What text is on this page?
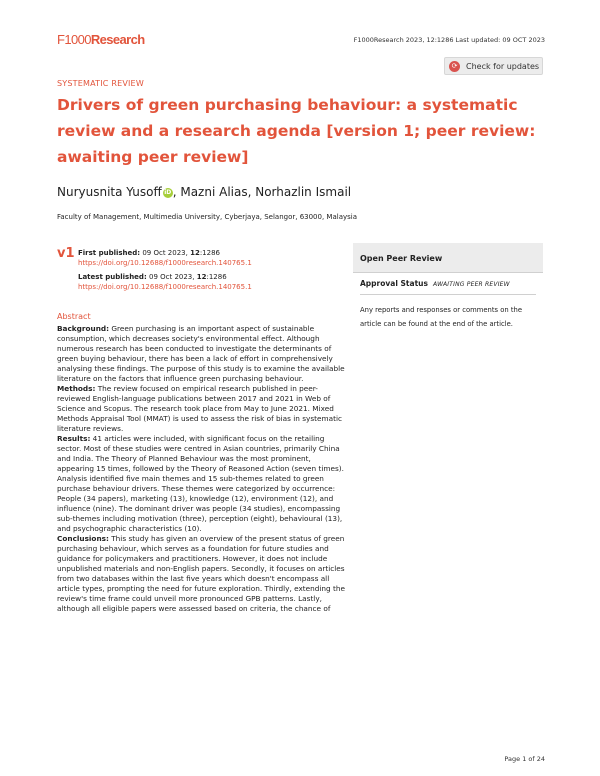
F1000Research	F1000Research 2023, 12:1286 Last updated: 09 OCT 2023
SYSTEMATIC REVIEW
⟳	Check for updates
Drivers of green purchasing behaviour: a systematic review and a research agenda [version 1; peer review: awaiting peer review]
Nuryusnita Yusoff iD, Mazni Alias, Norhazlin Ismail
Faculty of Management, Multimedia University, Cyberjaya, Selangor, 63000, Malaysia
v1 First published: 09 Oct 2023, 12:1286
https://doi.org/10.12688/f1000research.140765.1
Latest published: 09 Oct 2023, 12:1286
https://doi.org/10.12688/f1000research.140765.1
Open Peer Review
Approval Status AWAITING PEER REVIEW
Any reports and responses or comments on the article can be found at the end of the article.
Abstract

Background: Green purchasing is an important aspect of sustainable consumption, which decreases society's environmental effect. Although numerous research has been conducted to investigate the determinants of green buying behaviour, there has been a lack of effort in comprehensively analysing these findings. The purpose of this study is to examine the available literature on the factors that influence green purchasing behaviour.

Methods: The review focused on empirical research published in peer-reviewed English-language publications between 2017 and 2021 in Web of Science and Scopus. The research took place from May to June 2021. Mixed Methods Appraisal Tool (MMAT) is used to assess the risk of bias in systematic literature reviews.

Results: 41 articles were included, with significant focus on the retailing sector. Most of these studies were centred in Asian countries, primarily China and India. The Theory of Planned Behaviour was the most prominent, appearing 15 times, followed by the Theory of Reasoned Action (seven times). Analysis identified five main themes and 15 sub-themes related to green purchase behaviour drivers. These themes were categorized by occurrence: People (34 papers), marketing (13), knowledge (12), environment (12), and influence (nine). The dominant driver was people (34 studies), encompassing sub-themes including motivation (three), perception (eight), behavioural (13), and psychographic characteristics (10).

Conclusions: This study has given an overview of the present status of green purchasing behaviour, which serves as a foundation for future studies and guidance for policymakers and practitioners. However, it does not include unpublished materials and non-English papers. Secondly, it focuses on articles from two databases within the last five years which doesn't encompass all article types, prompting the need for future exploration. Thirdly, extending the review's time frame could unveil more pronounced GPB patterns. Lastly, although all eligible papers were assessed based on criteria, the chance of

Page 1 of 24
